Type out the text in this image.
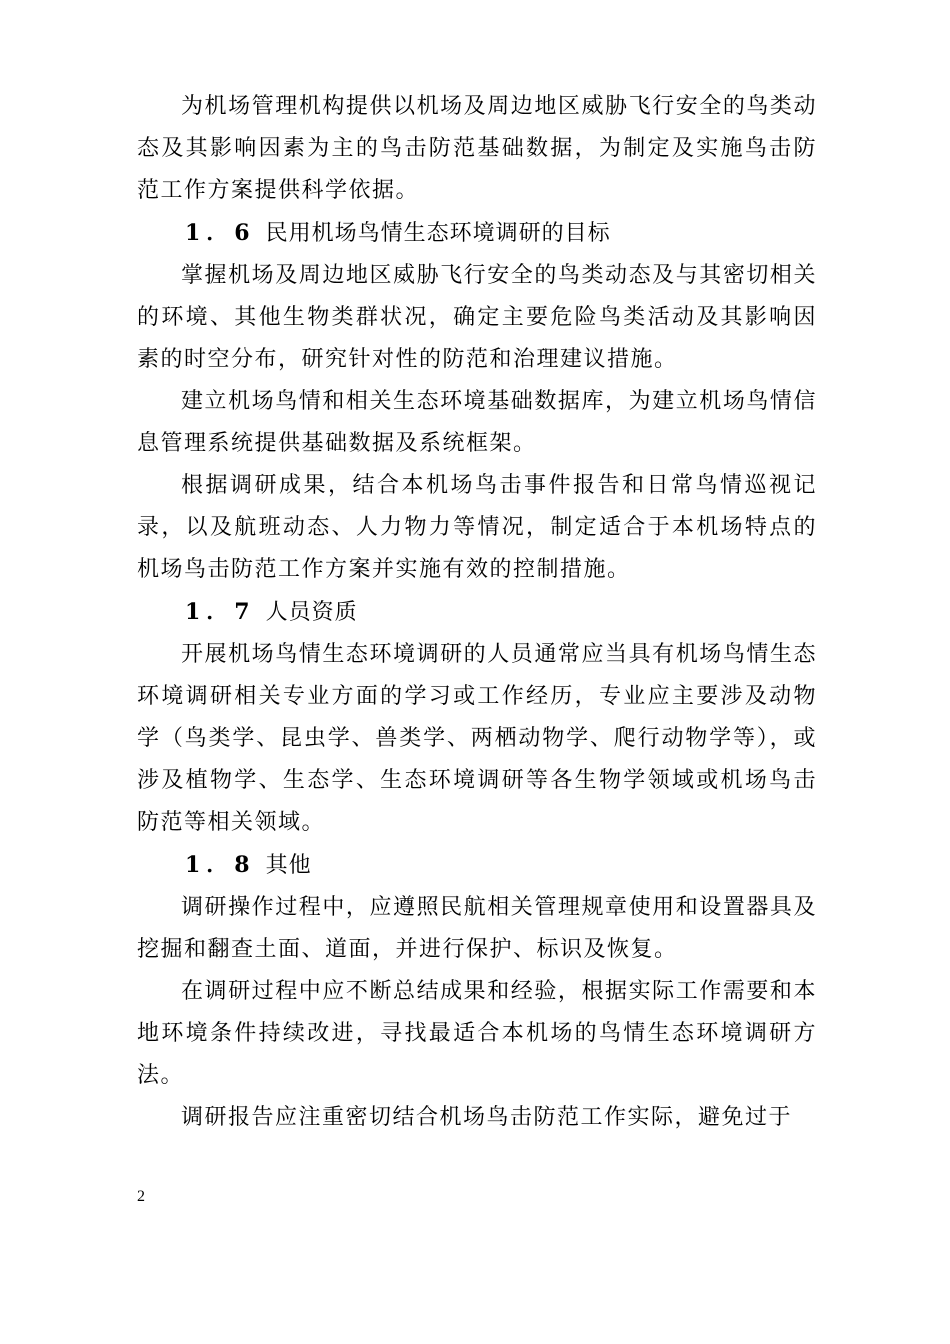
为机场管理机构提供以机场及周边地区威胁飞行安全的鸟类动态及其影响因素为主的鸟击防范基础数据，为制定及实施鸟击防范工作方案提供科学依据。

1．6 民用机场鸟情生态环境调研的目标

掌握机场及周边地区威胁飞行安全的鸟类动态及与其密切相关的环境、其他生物类群状况，确定主要危险鸟类活动及其影响因素的时空分布，研究针对性的防范和治理建议措施。

建立机场鸟情和相关生态环境基础数据库，为建立机场鸟情信息管理系统提供基础数据及系统框架。

根据调研成果，结合本机场鸟击事件报告和日常鸟情巡视记录，以及航班动态、人力物力等情况，制定适合于本机场特点的机场鸟击防范工作方案并实施有效的控制措施。

1．7 人员资质

开展机场鸟情生态环境调研的人员通常应当具有机场鸟情生态环境调研相关专业方面的学习或工作经历，专业应主要涉及动物学（鸟类学、昆虫学、兽类学、两栖动物学、爬行动物学等），或涉及植物学、生态学、生态环境调研等各生物学领域或机场鸟击防范等相关领域。

1．8 其他

调研操作过程中，应遵照民航相关管理规章使用和设置器具及挖掘和翻查土面、道面，并进行保护、标识及恢复。

在调研过程中应不断总结成果和经验，根据实际工作需要和本地环境条件持续改进，寻找最适合本机场的鸟情生态环境调研方法。

调研报告应注重密切结合机场鸟击防范工作实际，避免过于

2
